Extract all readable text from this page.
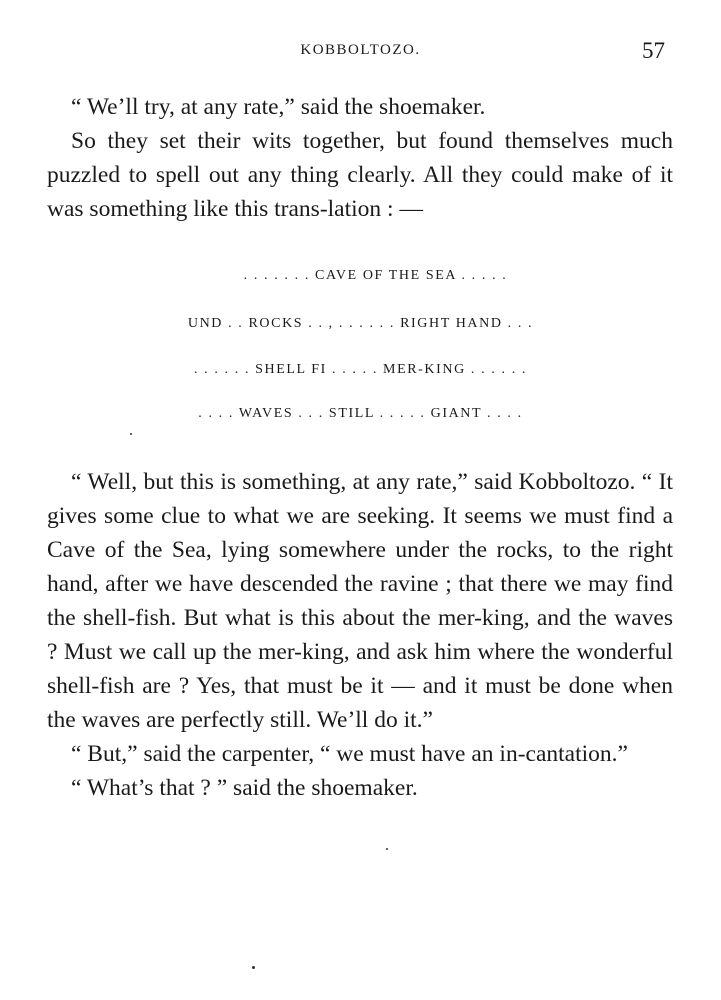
KOBBOLTOZO.	57

“ We’ll try, at any rate,” said the shoemaker.

So they set their wits together, but found themselves much puzzled to spell out any thing clearly. All they could make of it was something like this trans-lation : —

. . . . . . . CAVE OF THE SEA . . . . .
UND . . ROCKS . . , . . . . . . RIGHT HAND . . .
. . . . . . SHELL FI . . . . . MER-KING . . . . . .
. . . . WAVES . . . STILL . . . . . GIANT . . . .

“ Well, but this is something, at any rate,” said Kobboltozo. “ It gives some clue to what we are seeking. It seems we must find a Cave of the Sea, lying somewhere under the rocks, to the right hand, after we have descended the ravine ; that there we may find the shell-fish. But what is this about the mer-king, and the waves ? Must we call up the mer-king, and ask him where the wonderful shell-fish are ? Yes, that must be it — and it must be done when the waves are perfectly still. We’ll do it.”

“ But,” said the carpenter, “ we must have an in-cantation.”

“ What’s that ? ” said the shoemaker.
